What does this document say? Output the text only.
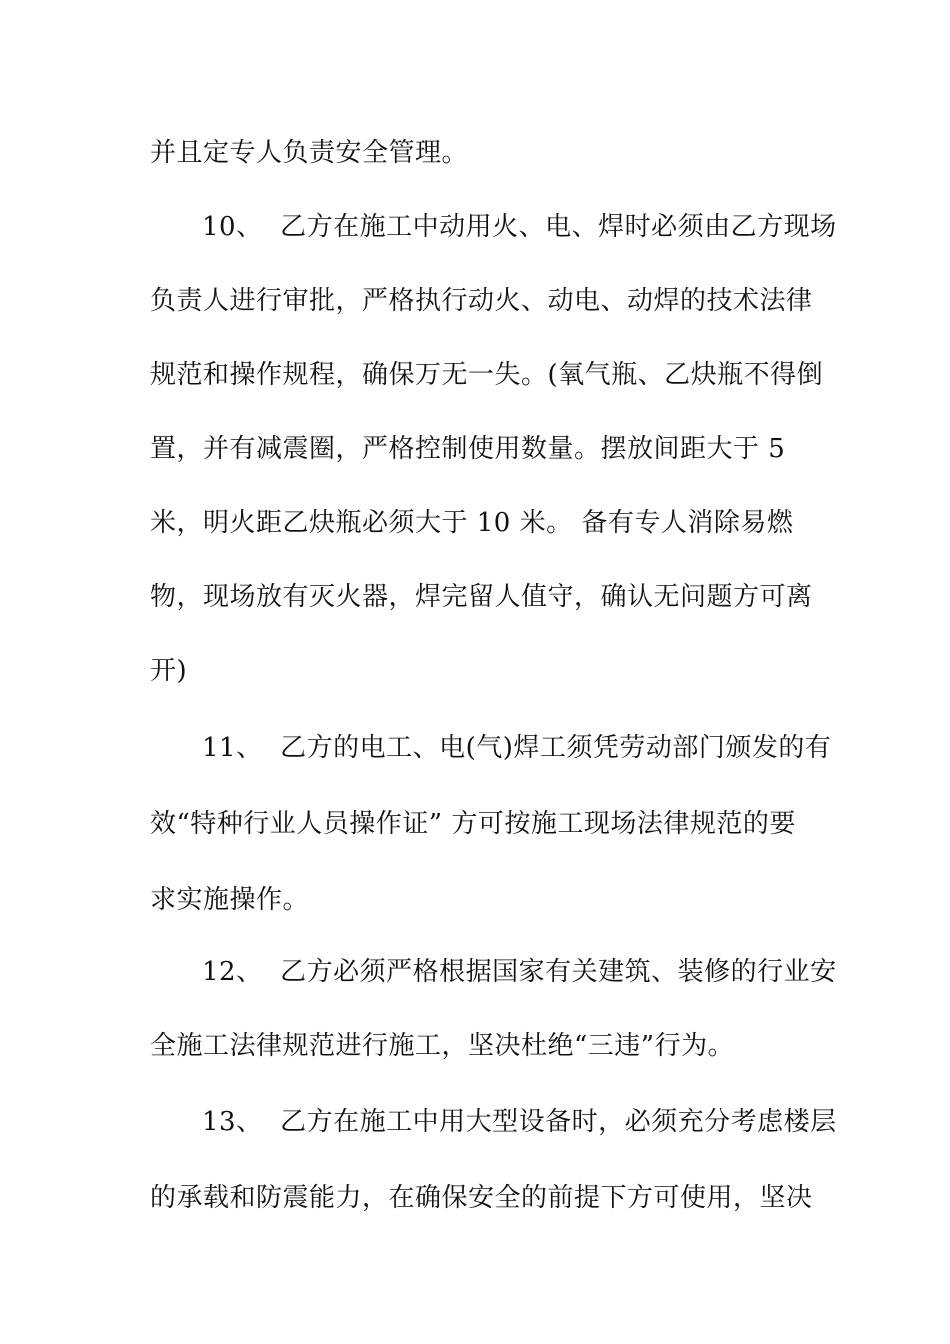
并且定专人负责安全管理。
10、  乙方在施工中动用火、电、焊时必须由乙方现场
负责人进行审批，严格执行动火、动电、动焊的技术法律
规范和操作规程，确保万无一失。(氧气瓶、乙炔瓶不得倒
置，并有减震圈，严格控制使用数量。摆放间距大于 5
米，明火距乙炔瓶必须大于 10 米。 备有专人消除易燃
物，现场放有灭火器，焊完留人值守，确认无问题方可离
开)
11、  乙方的电工、电(气)焊工须凭劳动部门颁发的有
效“特种行业人员操作证” 方可按施工现场法律规范的要
求实施操作。
12、  乙方必须严格根据国家有关建筑、装修的行业安
全施工法律规范进行施工，坚决杜绝“三违”行为。
13、  乙方在施工中用大型设备时，必须充分考虑楼层
的承载和防震能力，在确保安全的前提下方可使用，坚决
